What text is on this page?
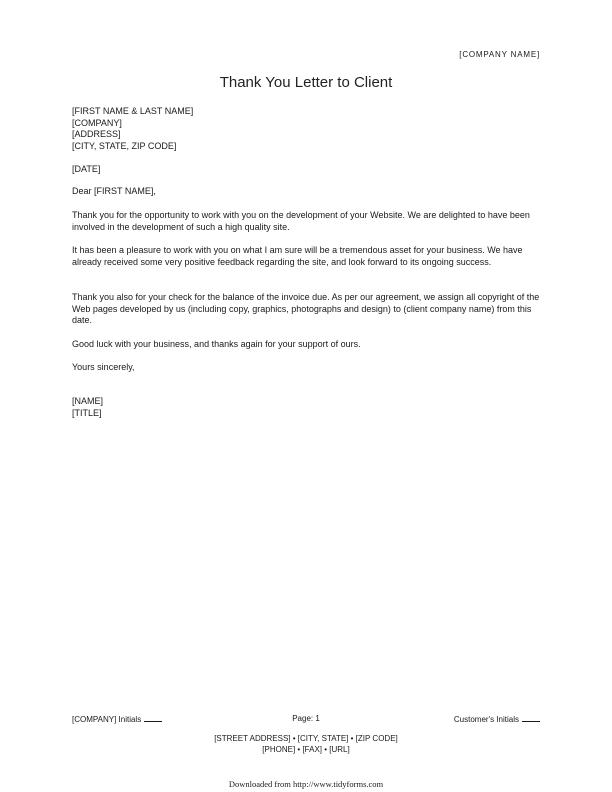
[COMPANY NAME]
Thank You Letter to Client
[FIRST NAME & LAST NAME]
[COMPANY]
[ADDRESS]
[CITY, STATE, ZIP CODE]
[DATE]
Dear [FIRST NAME],
Thank you for the opportunity to work with you on the development of your Website. We are delighted to have been involved in the development of such a high quality site.
It has been a pleasure to work with you on what I am sure will be a tremendous asset for your business. We have already received some very positive feedback regarding the site, and look forward to its ongoing success.
Thank you also for your check for the balance of the invoice due. As per our agreement, we assign all copyright of the Web pages developed by us (including copy, graphics, photographs and design) to (client company name) from this date.
Good luck with your business, and thanks again for your support of ours.
Yours sincerely,
[NAME]
[TITLE]
[COMPANY] Initials	Page: 1	Customer's Initials
[STREET ADDRESS] • [CITY, STATE] • [ZIP CODE]
[PHONE] • [FAX] • [URL]
Downloaded from http://www.tidyforms.com
